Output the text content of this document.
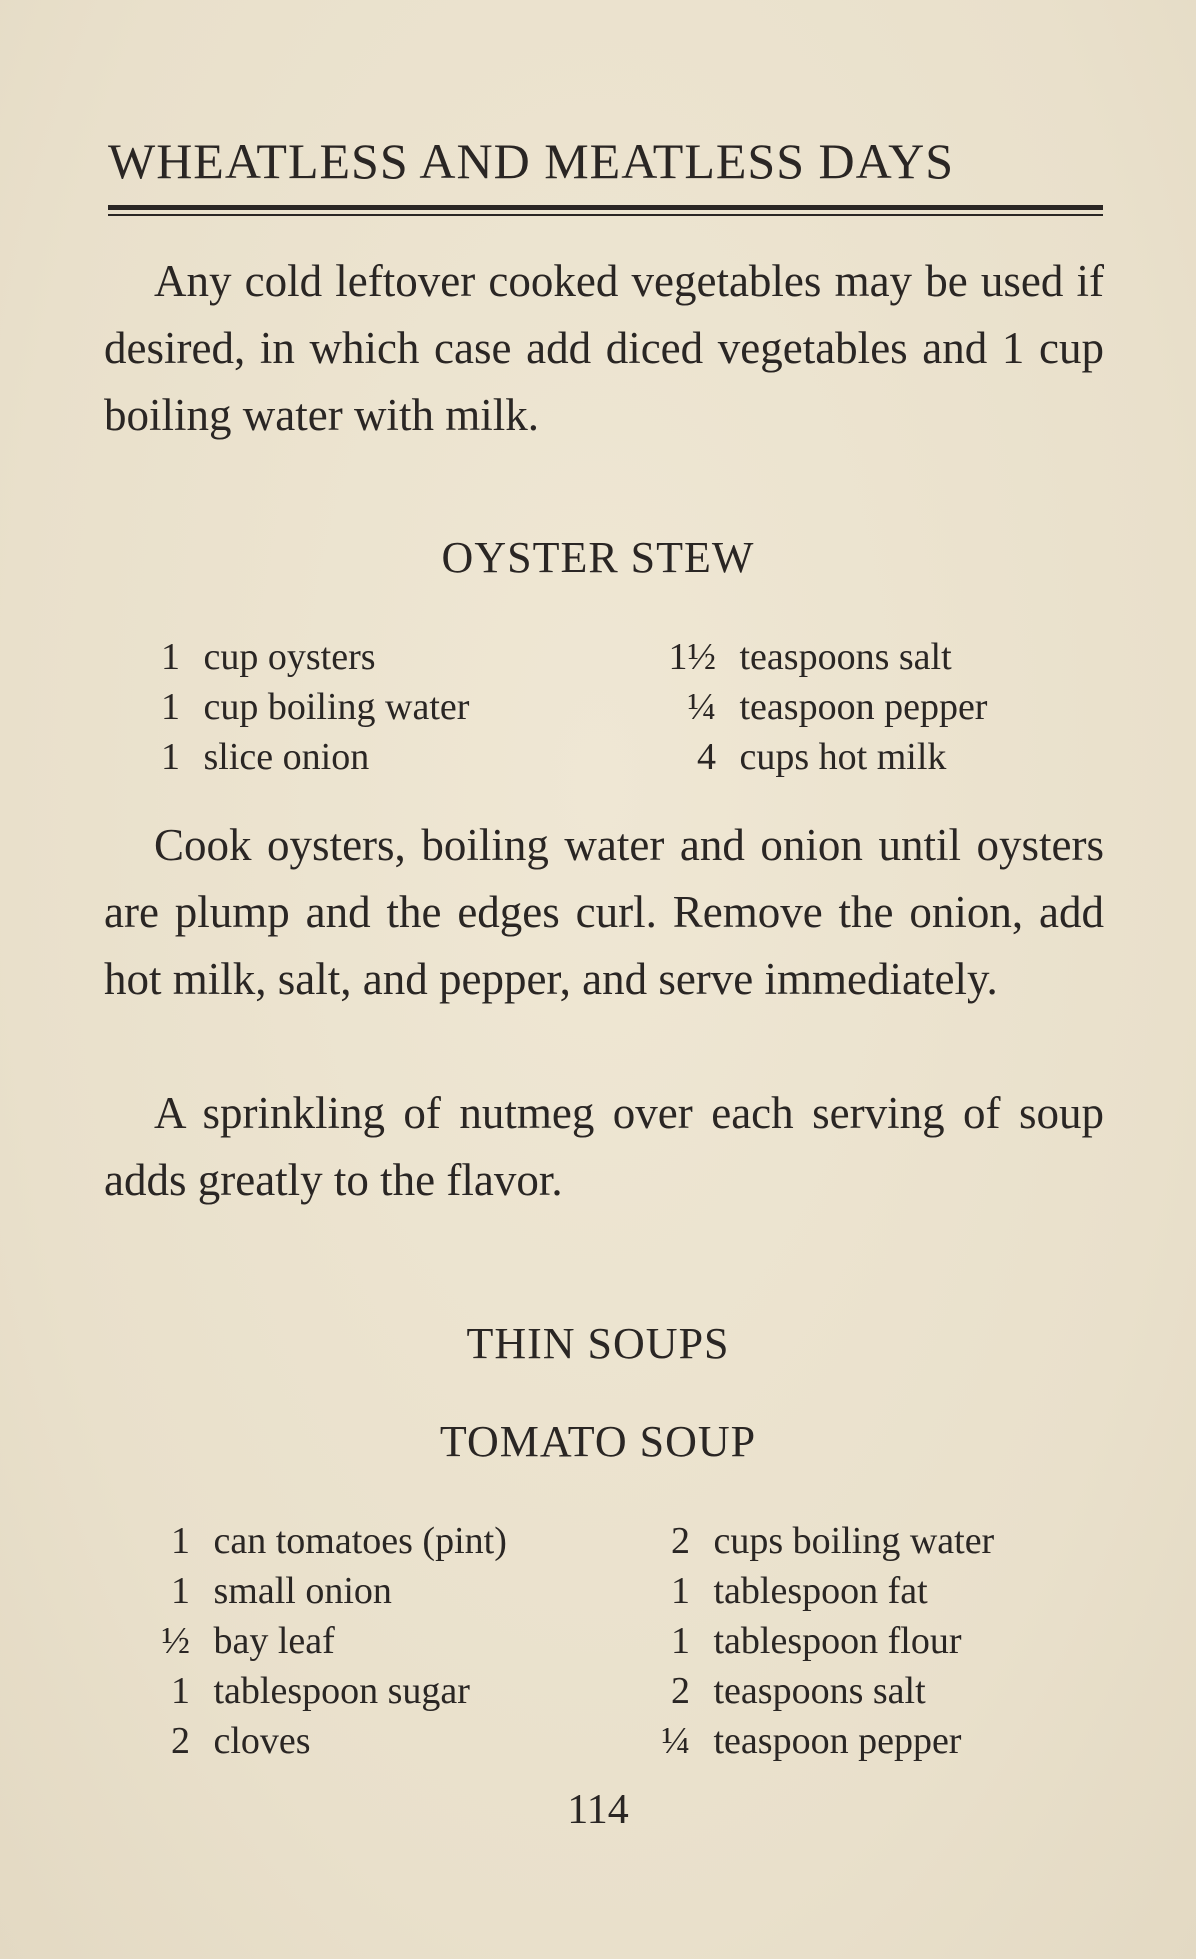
WHEATLESS AND MEATLESS DAYS

Any cold leftover cooked vegetables may be used if desired, in which case add diced vegetables and 1 cup boiling water with milk.

OYSTER STEW
1 cup oysters
1 cup boiling water
1 slice onion
1½ teaspoons salt
¼ teaspoon pepper
4 cups hot milk

Cook oysters, boiling water and onion until oysters are plump and the edges curl. Remove the onion, add hot milk, salt, and pepper, and serve immediately.

A sprinkling of nutmeg over each serving of soup adds greatly to the flavor.

THIN SOUPS
TOMATO SOUP
1 can tomatoes (pint)
1 small onion
½ bay leaf
1 tablespoon sugar
2 cloves
2 cups boiling water
1 tablespoon fat
1 tablespoon flour
2 teaspoons salt
¼ teaspoon pepper
114
